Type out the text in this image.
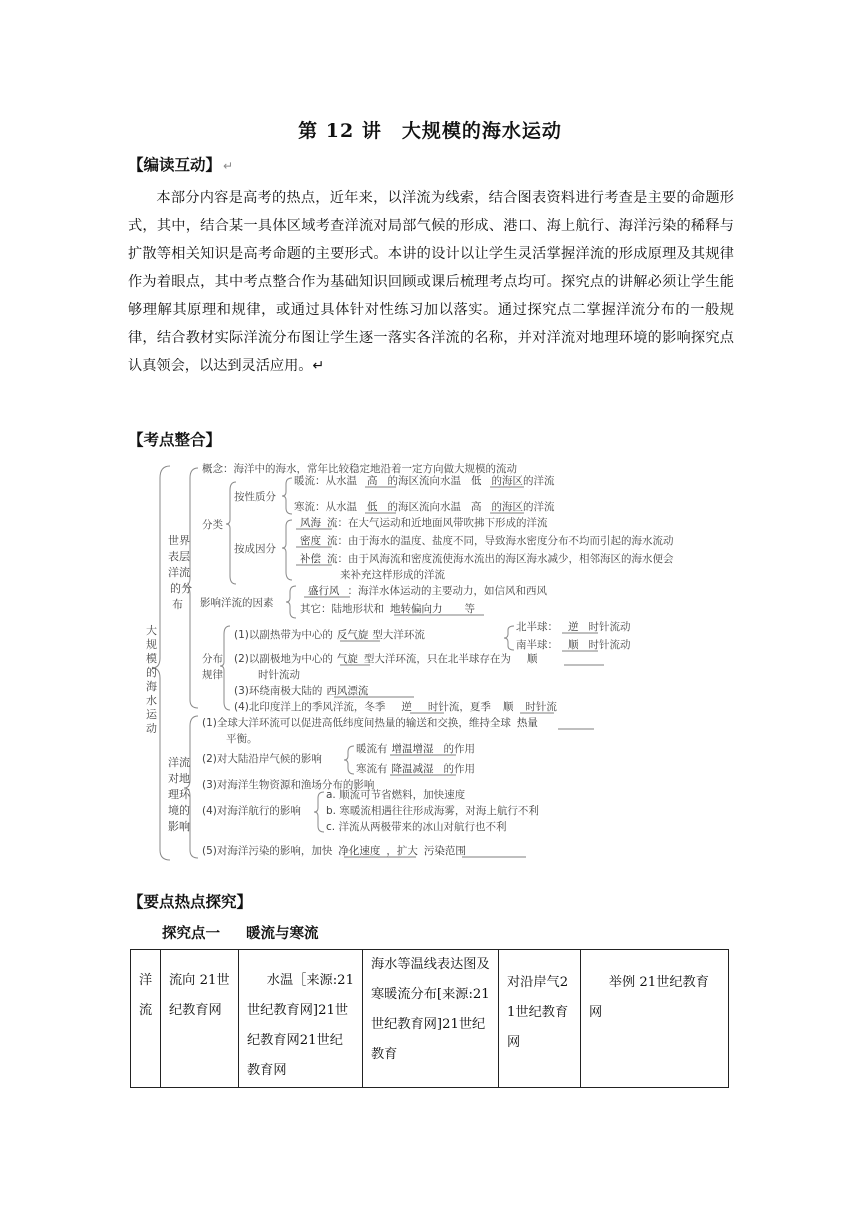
第 12 讲　大规模的海水运动
【编读互动】 ↵
本部分内容是高考的热点，近年来，以洋流为线索，结合图表资料进行考查是主要的命题形式，其中，结合某一具体区域考查洋流对局部气候的形成、港口、海上航行、海洋污染的稀释与扩散等相关知识是高考命题的主要形式。本讲的设计以让学生灵活掌握洋流的形成原理及其规律作为着眼点，其中考点整合作为基础知识回顾或课后梳理考点均可。探究点的讲解必须让学生能够理解其原理和规律，或通过具体针对性练习加以落实。通过探究点二掌握洋流分布的一般规律，结合教材实际洋流分布图让学生逐一落实各洋流的名称，并对洋流对地理环境的影响探究点认真领会，以达到灵活应用。↵
【考点整合】
大
规
模
的
海
水
运
动
世界
表层
洋流
的分
布
洋流
对地
理环
境的
影响
概念：海洋中的海水，常年比较稳定地沿着一定方向做大规模的流动
分类
按性质分
暖流：从水温 高 的海区流向水温 低 的海区的洋流
寒流：从水温 低 的海区流向水温 高 的海区的洋流
按成因分
风海 流：在大气运动和近地面风带吹拂下形成的洋流
密度 流：由于海水的温度、盐度不同，导致海水密度分布不均而引起的海水流动
补偿 流：由于风海流和密度流使海水流出的海区海水减少，相邻海区的海水便会
来补充这样形成的洋流
影响洋流的因素
盛行风 ：海洋水体运动的主要动力，如信风和西风
其它：陆地形状和 地转偏向力 等
分布规律
(1)以副热带为中心的 反气旋 型大洋环流
北半球： 逆 时针流动
南半球： 顺 时针流动
(2)以副极地为中心的 气旋 型大洋环流，只在北半球存在为 顺
时针流动
(3)环绕南极大陆的 西风漂流
(4)北印度洋上的季风洋流，冬季 逆 时针流，夏季 顺 时针流
(1)全球大洋环流可以促进高低纬度间热量的输送和交换，维持全球 热量
平衡。
(2)对大陆沿岸气候的影响
暖流有 增温增湿 的作用
寒流有 降温减湿 的作用
(3)对海洋生物资源和渔场分布的影响
(4)对海洋航行的影响
a. 顺流可节省燃料，加快速度
b. 寒暖流相遇往往形成海雾，对海上航行不利
c. 洋流从两极带来的冰山对航行也不利
(5)对海洋污染的影响，加快 净化速度 ，扩大 污染范围
【要点热点探究】
探究点一 暖流与寒流
洋流	流向 21世纪教育网	水温［来源:21世纪教育网]21世纪教育网21世纪教育网	海水等温线表达图及寒暖流分布[来源:21世纪教育网]21世纪教育	对沿岸气21世纪教育网	举例 21世纪教育网
